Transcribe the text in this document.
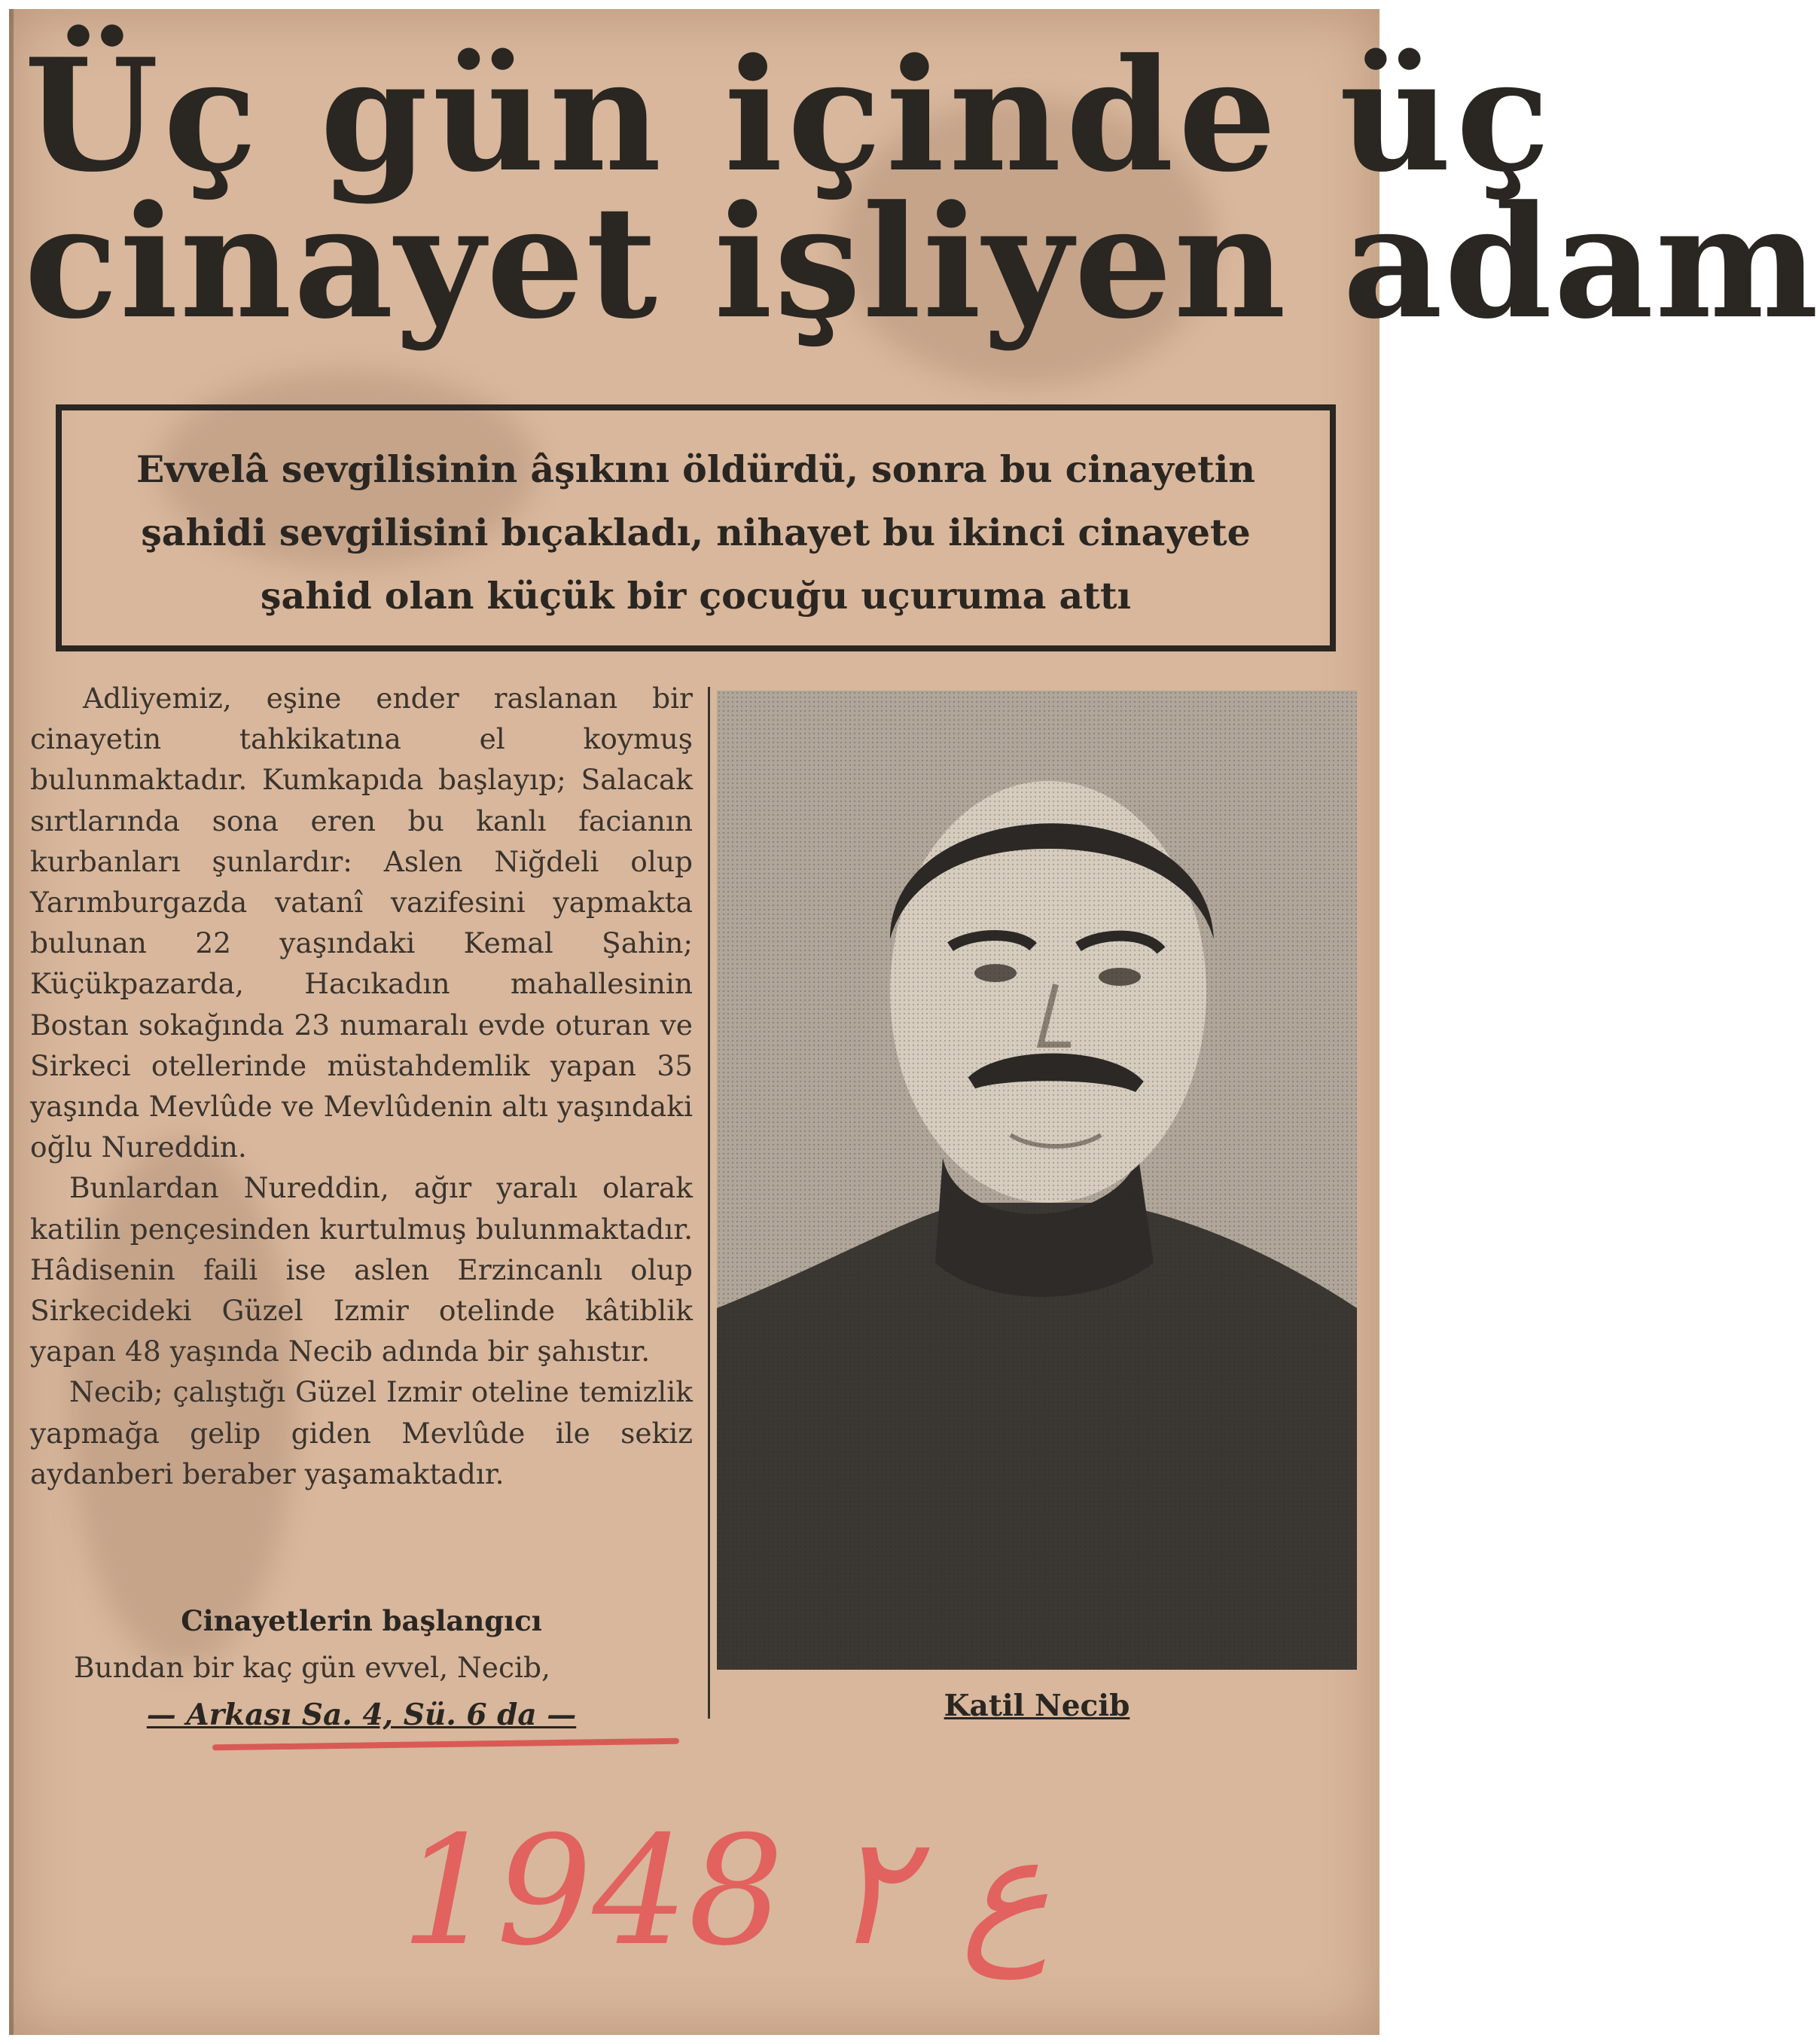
Üç gün içinde üç
cinayet işliyen adam
Evvelâ sevgilisinin âşıkını öldürdü, sonra bu cinayetin
şahidi sevgilisini bıçakladı, nihayet bu ikinci cinayete
şahid olan küçük bir çocuğu uçuruma attı

Adliyemiz, eşine ender raslanan bir cinayetin tahkikatına el koymuş bulunmaktadır. Kumkapıda başlayıp; Salacak sırtlarında sona eren bu kanlı facianın kurbanları şunlardır: Aslen Niğdeli olup Yarımburgazda vatanî vazifesini yapmakta bulunan 22 yaşındaki Kemal Şahin; Küçükpazarda, Hacıkadın mahallesinin Bostan sokağında 23 numaralı evde oturan ve Sirkeci otellerinde müstahdemlik yapan 35 yaşında Mevlûde ve Mevlûdenin altı yaşındaki oğlu Nureddin.

Bunlardan Nureddin, ağır yaralı olarak katilin pençesinden kurtulmuş bulunmaktadır. Hâdisenin faili ise aslen Erzincanlı olup Sirkecideki Güzel Izmir otelinde kâtiblik yapan 48 yaşında Necib adında bir şahıstır.

Necib; çalıştığı Güzel Izmir oteline temizlik yapmağa gelip giden Mevlûde ile sekiz aydanberi beraber yaşamaktadır.

Cinayetlerin başlangıcı
Bundan bir kaç gün evvel, Necib,
— Arkası Sa. 4, Sü. 6 da —	Katil Necib
1948 ع ٢
